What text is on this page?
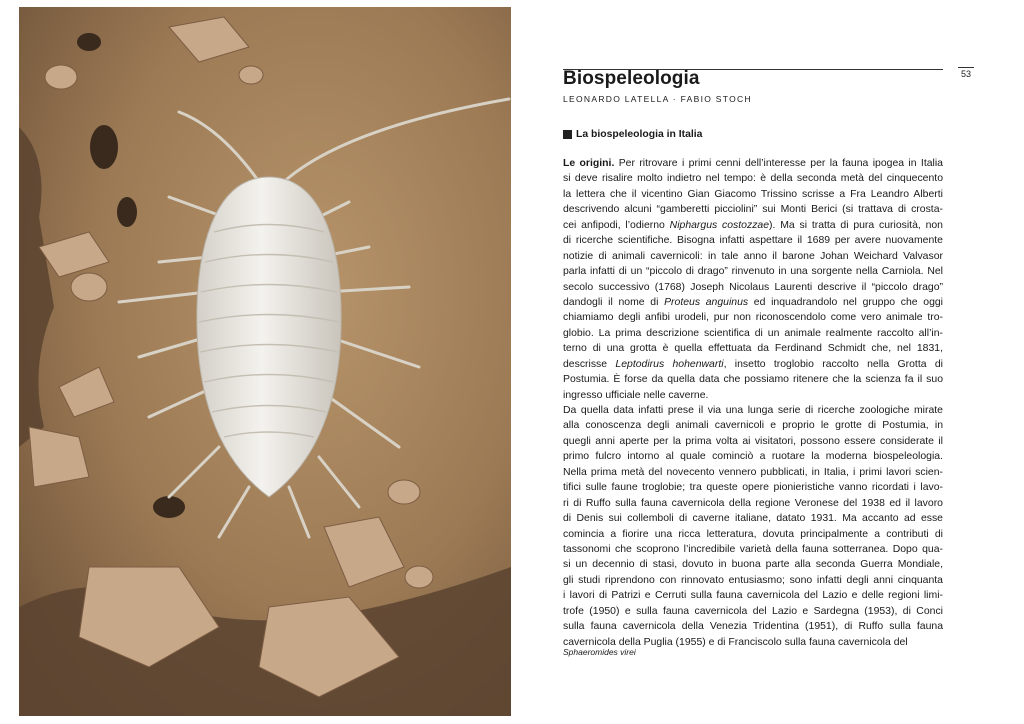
53
Biospeleologia
LEONARDO LATELLA · FABIO STOCH
La biospeleologia in Italia
Le origini. Per ritrovare i primi cenni dell’interesse per la fauna ipogea in Italia
si deve risalire molto indietro nel tempo: è della seconda metà del cinquecento
la lettera che il vicentino Gian Giacomo Trissino scrisse a Fra Leandro Alberti
descrivendo alcuni “gamberetti picciolini” sui Monti Berici (si trattava di crosta-
cei anfipodi, l’odierno Niphargus costozzae). Ma si tratta di pura curiosità, non
di ricerche scientifiche. Bisogna infatti aspettare il 1689 per avere nuovamente
notizie di animali cavernicoli: in tale anno il barone Johan Weichard Valvasor
parla infatti di un “piccolo di drago” rinvenuto in una sorgente nella Carniola. Nel
secolo successivo (1768) Joseph Nicolaus Laurenti descrive il “piccolo drago”
dandogli il nome di Proteus anguinus ed inquadrandolo nel gruppo che oggi
chiamiamo degli anfibi urodeli, pur non riconoscendolo come vero animale tro-
globio. La prima descrizione scientifica di un animale realmente raccolto all’in-
terno di una grotta è quella effettuata da Ferdinand Schmidt che, nel 1831,
descrisse Leptodirus hohenwarti, insetto troglobio raccolto nella Grotta di
Postumia. È forse da quella data che possiamo ritenere che la scienza fa il suo
ingresso ufficiale nelle caverne.
Da quella data infatti prese il via una lunga serie di ricerche zoologiche mirate
alla conoscenza degli animali cavernicoli e proprio le grotte di Postumia, in
quegli anni aperte per la prima volta ai visitatori, possono essere considerate il
primo fulcro intorno al quale cominciò a ruotare la moderna biospeleologia.
Nella prima metà del novecento vennero pubblicati, in Italia, i primi lavori scien-
tifici sulle faune troglobie; tra queste opere pionieristiche vanno ricordati i lavo-
ri di Ruffo sulla fauna cavernicola della regione Veronese del 1938 ed il lavoro
di Denis sui collemboli di caverne italiane, datato 1931. Ma accanto ad esse
comincia a fiorire una ricca letteratura, dovuta principalmente a contributi di
tassonomi che scoprono l’incredibile varietà della fauna sotterranea. Dopo qua-
si un decennio di stasi, dovuto in buona parte alla seconda Guerra Mondiale,
gli studi riprendono con rinnovato entusiasmo; sono infatti degli anni cinquanta
i lavori di Patrizi e Cerruti sulla fauna cavernicola del Lazio e delle regioni limi-
trofe (1950) e sulla fauna cavernicola del Lazio e Sardegna (1953), di Conci
sulla fauna cavernicola della Venezia Tridentina (1951), di Ruffo sulla fauna
cavernicola della Puglia (1955) e di Franciscolo sulla fauna cavernicola del
Sphaeromides virei
